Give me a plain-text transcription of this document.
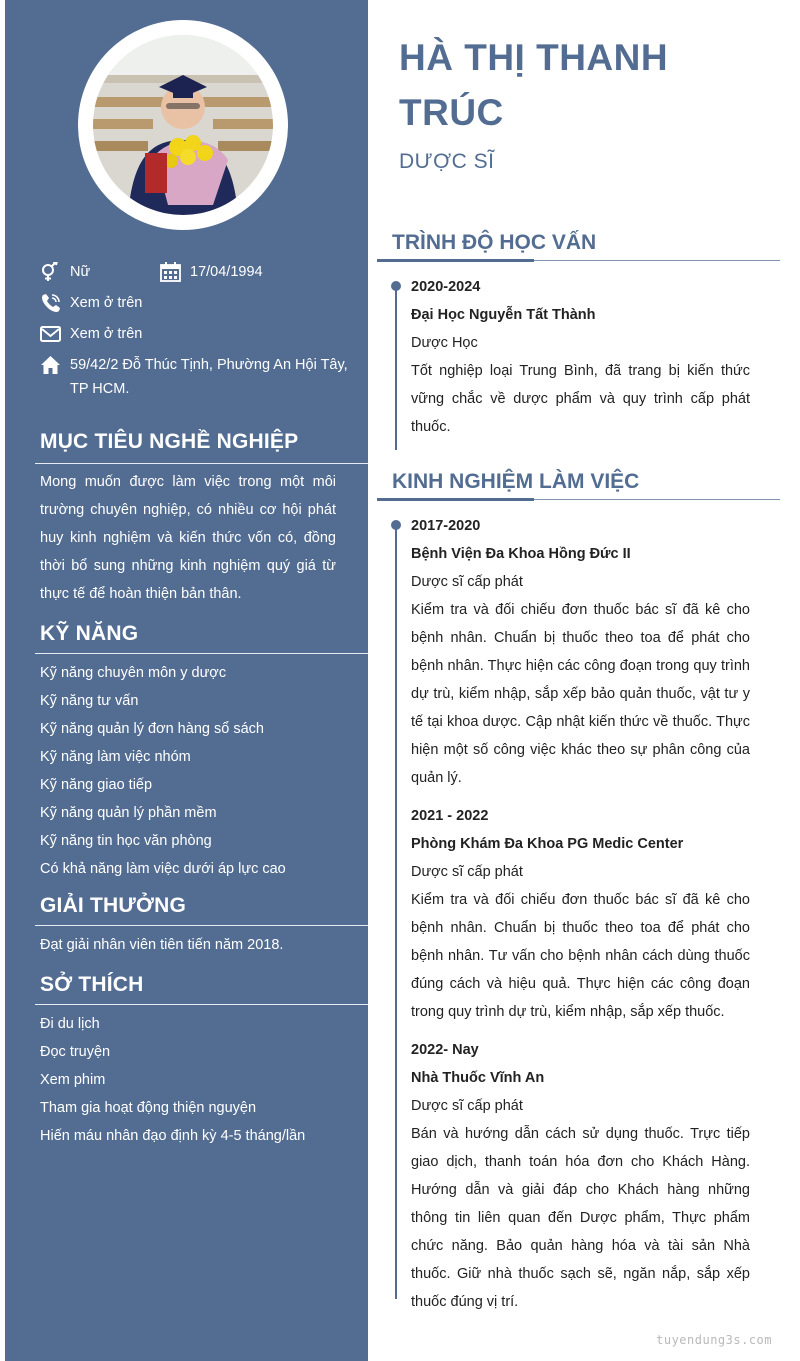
Nữ	17/04/1994
Xem ở trên
Xem ở trên
59/42/2 Đỗ Thúc Tịnh, Phường An Hội Tây, TP HCM.
MỤC TIÊU NGHỀ NGHIỆP
Mong muốn được làm việc trong một môi trường chuyên nghiệp, có nhiều cơ hội phát huy kinh nghiệm và kiến thức vốn có, đồng thời bổ sung những kinh nghiệm quý giá từ thực tế để hoàn thiện bản thân.
KỸ NĂNG
Kỹ năng chuyên môn y dược
Kỹ năng tư vấn
Kỹ năng quản lý đơn hàng sổ sách
Kỹ năng làm việc nhóm
Kỹ năng giao tiếp
Kỹ năng quản lý phần mềm
Kỹ năng tin học văn phòng
Có khả năng làm việc dưới áp lực cao
GIẢI THƯỞNG
Đạt giải nhân viên tiên tiến năm 2018.
SỞ THÍCH
Đi du lịch
Đọc truyện
Xem phim
Tham gia hoạt động thiện nguyện
Hiến máu nhân đạo định kỳ 4-5 tháng/lần
HÀ THỊ THANH TRÚC
DƯỢC SĨ
TRÌNH ĐỘ HỌC VẤN
2020-2024
Đại Học Nguyễn Tất Thành
Dược Học
Tốt nghiệp loại Trung Bình, đã trang bị kiến thức vững chắc về dược phẩm và quy trình cấp phát thuốc.
KINH NGHIỆM LÀM VIỆC
2017-2020
Bệnh Viện Đa Khoa Hồng Đức II
Dược sĩ cấp phát
Kiểm tra và đối chiếu đơn thuốc bác sĩ đã kê cho bệnh nhân. Chuẩn bị thuốc theo toa để phát cho bệnh nhân. Thực hiện các công đoạn trong quy trình dự trù, kiểm nhập, sắp xếp bảo quản thuốc, vật tư y tế tại khoa dược. Cập nhật kiến thức về thuốc. Thực hiện một số công việc khác theo sự phân công của quản lý.
2021 - 2022
Phòng Khám Đa Khoa PG Medic Center
Dược sĩ cấp phát
Kiểm tra và đối chiếu đơn thuốc bác sĩ đã kê cho bệnh nhân. Chuẩn bị thuốc theo toa để phát cho bệnh nhân. Tư vấn cho bệnh nhân cách dùng thuốc đúng cách và hiệu quả. Thực hiện các công đoạn trong quy trình dự trù, kiểm nhập, sắp xếp thuốc.
2022- Nay
Nhà Thuốc Vĩnh An
Dược sĩ cấp phát
Bán và hướng dẫn cách sử dụng thuốc. Trực tiếp giao dịch, thanh toán hóa đơn cho Khách Hàng. Hướng dẫn và giải đáp cho Khách hàng những thông tin liên quan đến Dược phẩm, Thực phẩm chức năng. Bảo quản hàng hóa và tài sản Nhà thuốc. Giữ nhà thuốc sạch sẽ, ngăn nắp, sắp xếp thuốc đúng vị trí.
tuyendung3s.com
